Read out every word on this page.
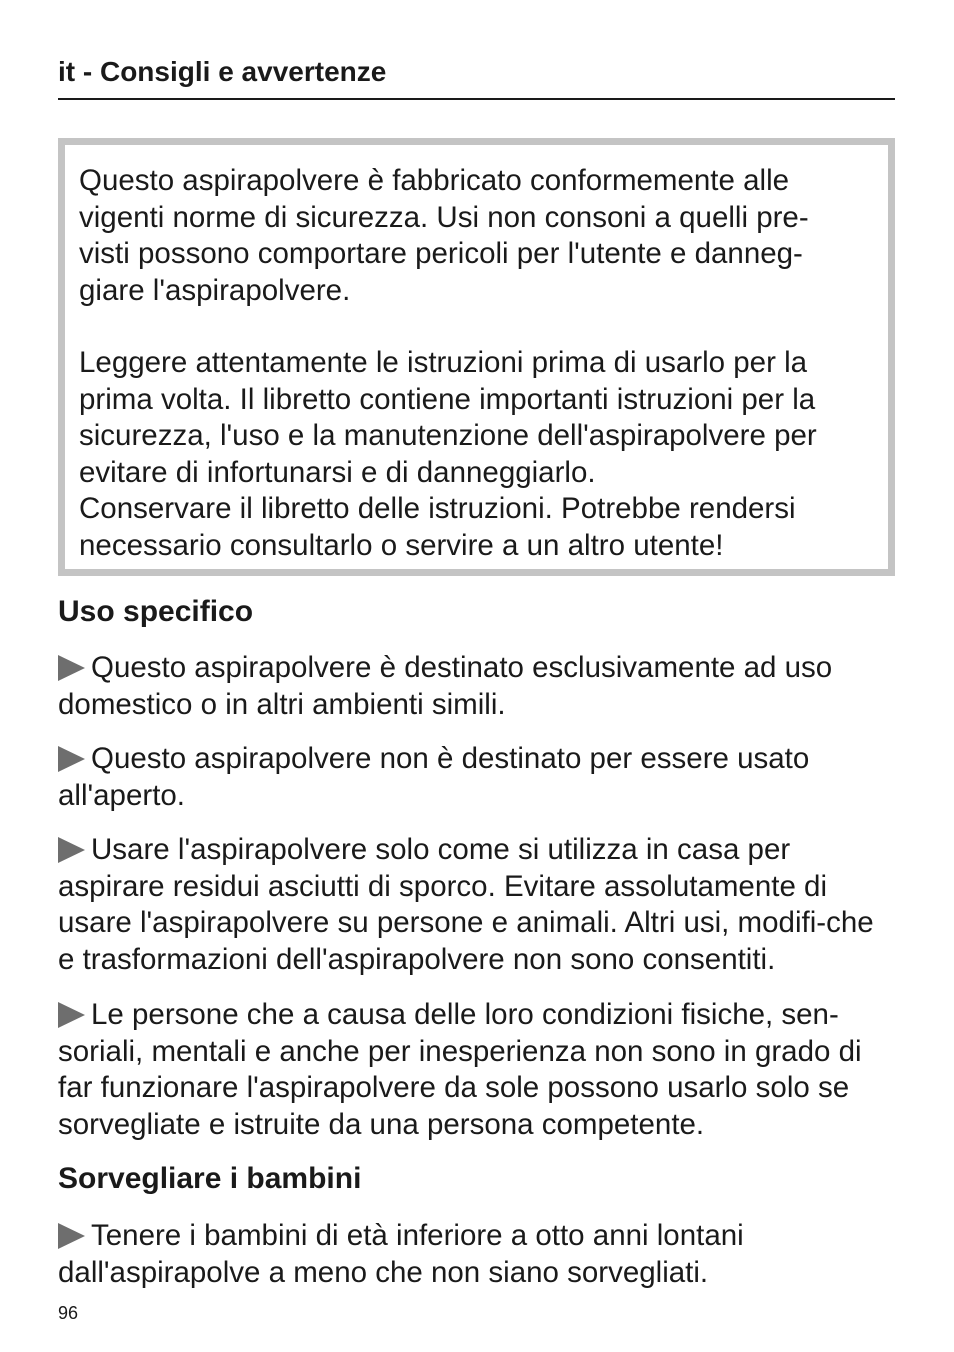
it - Consigli e avvertenze

Questo aspirapolvere è fabbricato conformemente alle
vigenti norme di sicurezza. Usi non consoni a quelli pre-
visti possono comportare pericoli per l'utente e danneg-
giare l'aspirapolvere.

Leggere attentamente le istruzioni prima di usarlo per la
prima volta. Il libretto contiene importanti istruzioni per la
sicurezza, l'uso e la manutenzione dell'aspirapolvere per
evitare di infortunarsi e di danneggiarlo.
Conservare il libretto delle istruzioni. Potrebbe rendersi
necessario consultarlo o servire a un altro utente!

Uso specifico

Questo aspirapolvere è destinato esclusivamente ad uso domestico o in altri ambienti simili.

Questo aspirapolvere non è destinato per essere usato all'aperto.

Usare l'aspirapolvere solo come si utilizza in casa per aspirare residui asciutti di sporco. Evitare assolutamente di usare l'aspirapolvere su persone e animali. Altri usi, modifi-che e trasformazioni dell'aspirapolvere non sono consentiti.

Le persone che a causa delle loro condizioni fisiche, sen-soriali, mentali e anche per inesperienza non sono in grado di far funzionare l'aspirapolvere da sole possono usarlo solo se sorvegliate e istruite da una persona competente.

Sorvegliare i bambini

Tenere i bambini di età inferiore a otto anni lontani dall'aspirapolve a meno che non siano sorvegliati.

96
